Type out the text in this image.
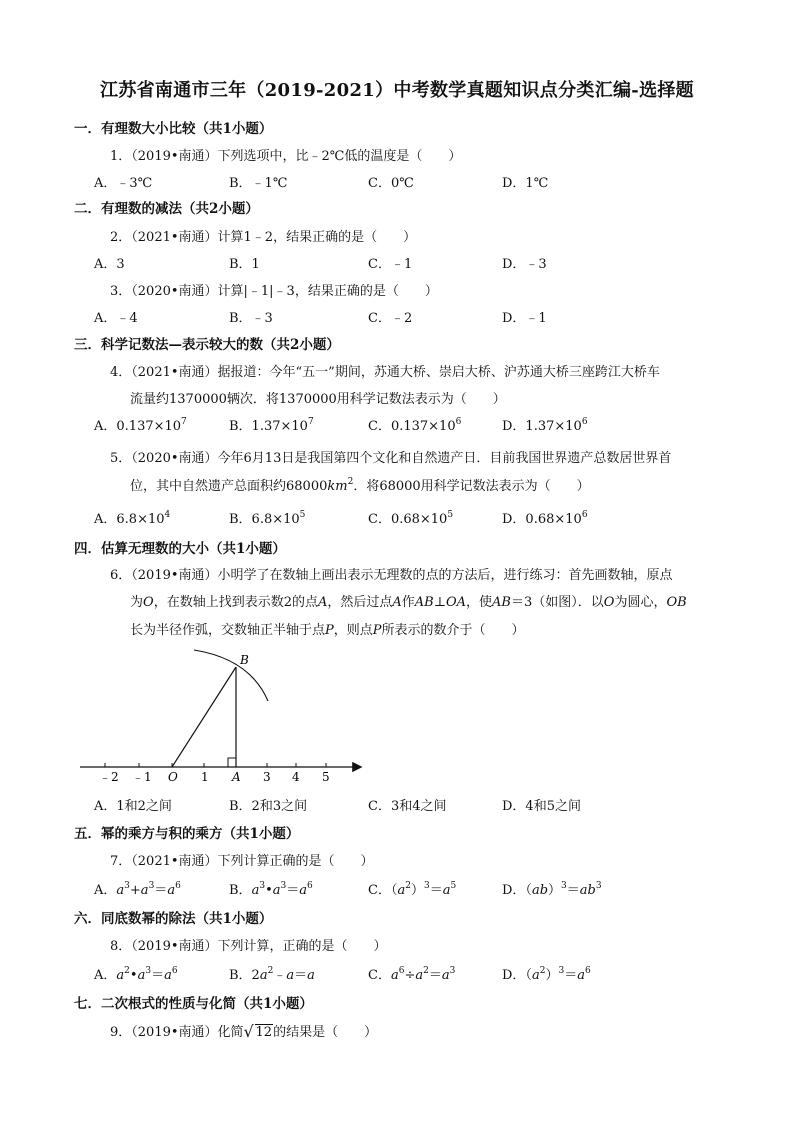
江苏省南通市三年（2019-2021）中考数学真题知识点分类汇编-选择题
一．有理数大小比较（共1小题）
1．（2019•南通）下列选项中，比﹣2℃低的温度是（　　）
A．﹣3℃	B．﹣1℃	C．0℃	D．1℃
二．有理数的减法（共2小题）
2．（2021•南通）计算1﹣2，结果正确的是（　　）
A．3	B．1	C．﹣1	D．﹣3
3．（2020•南通）计算|﹣1|﹣3，结果正确的是（　　）
A．﹣4	B．﹣3	C．﹣2	D．﹣1
三．科学记数法—表示较大的数（共2小题）
4．（2021•南通）据报道：今年“五一”期间，苏通大桥、崇启大桥、沪苏通大桥三座跨江大桥车
流量约1370000辆次．将1370000用科学记数法表示为（　　）
A．$0.137\times 10^7$	B．$1.37\times 10^7$	C．$0.137\times 10^6$	D．$1.37\times 10^6$
5．（2020•南通）今年6月13日是我国第四个文化和自然遗产日．目前我国世界遗产总数居世界首
位，其中自然遗产总面积约$68000km^2$．将68000用科学记数法表示为（　　）
A．$6.8\times 10^4$	B．$6.8\times 10^5$	C．$0.68\times 10^5$	D．$0.68\times 10^6$
四．估算无理数的大小（共1小题）
6．（2019•南通）小明学了在数轴上画出表示无理数的点的方法后，进行练习：首先画数轴，原点
为O，在数轴上找到表示数2的点A，然后过点A作AB⊥OA，使AB＝3（如图）．以O为圆心，OB
长为半径作弧，交数轴正半轴于点P，则点P所表示的数介于（　　）
B
﹣2 ﹣1 O 1 A 3 4 5
A．1和2之间	B．2和3之间	C．3和4之间	D．4和5之间
五．幂的乘方与积的乘方（共1小题）
7．（2021•南通）下列计算正确的是（　　）
A．$a^3+a^3=a^6$	B．$a^3•a^3=a^6$	C．$(a^2)^3=a^5$	D．$(ab)^3=ab^3$
六．同底数幂的除法（共1小题）
8．（2019•南通）下列计算，正确的是（　　）
A．$a^2•a^3=a^6$	B．$2a^2﹣a=a$	C．$a^6\div a^2=a^3$	D．$(a^2)^3=a^6$
七．二次根式的性质与化简（共1小题）
9．（2019•南通）化简 √ 12的结果是（　　）
